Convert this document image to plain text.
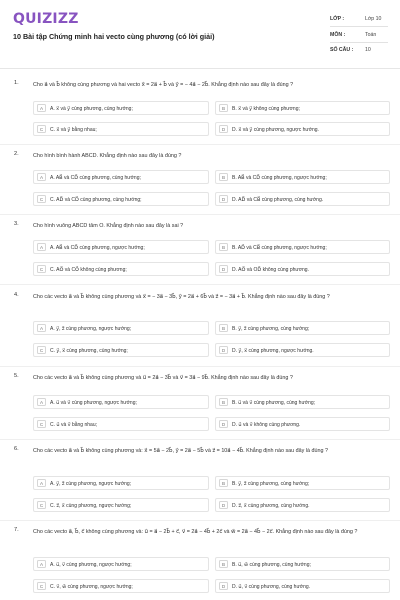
QUIZIZZ
10 Bài tập Chứng minh hai vecto cùng phương (có lời giải)
LỚP :	Lớp 10
MÔN :	Toán
SỐ CÂU : 10
1.	Cho a⃗ và b⃗ không cùng phương và hai vecto x⃗ = 2a⃗ + b⃗ và y⃗ = − 4a⃗ − 2b⃗. Khẳng định nào sau đây là đúng ?
A	A. x⃗ và y⃗ cùng phương, cùng hướng;	B	B. x⃗ và y⃗ không cùng phương;
C	C. x⃗ và y⃗ bằng nhau;	D	D. x⃗ và y⃗ cùng phương, ngược hướng.
2.	Cho hình bình hành ABCD. Khẳng định nào sau đây là đúng ?
A	A. AB⃗ và CD⃗ cùng phương, cùng hướng;	B	B. AB⃗ và CD⃗ cùng phương, ngược hướng;
C	C. AD⃗ và CD⃗ cùng phương, cùng hướng;	D	D. AD⃗ và CB⃗ cùng phương, cùng hướng.
3.	Cho hình vuông ABCD tâm O. Khẳng định nào sau đây là sai ?
A	A. AB⃗ và CD⃗ cùng phương, ngược hướng;	B	B. AD⃗ và CB⃗ cùng phương, ngược hướng;
C	C. AO⃗ và CO⃗ không cùng phương;	D	D. AO⃗ và OD⃗ không cùng phương.
4.	Cho các vecto a⃗ và b⃗ không cùng phương và x⃗ = − 3a⃗ − 3b⃗, y⃗ = 2a⃗ + 6b⃗ và z⃗ = − 3a⃗ + b⃗. Khẳng định nào sau đây là đúng ?
A	A. y⃗, z⃗ cùng phương, ngược hướng;	B	B. y⃗, z⃗ cùng phương, cùng hướng;
C	C. y⃗, x⃗ cùng phương, cùng hướng;	D	D. y⃗, x⃗ cùng phương, ngược hướng.
5.	Cho các vecto a⃗ và b⃗ không cùng phương và u⃗ = 2a⃗ − 3b⃗ và v⃗ = 3a⃗ − 9b⃗. Khẳng định nào sau đây là đúng ?
A	A. u⃗ và v⃗ cùng phương, ngược hướng;	B	B. u⃗ và v⃗ cùng phương, cùng hướng;
C	C. u⃗ và v⃗ bằng nhau;	D	D. u⃗ và v⃗ không cùng phương.
6.	Cho các vecto a⃗ và b⃗ không cùng phương và: x⃗ = 5a⃗ − 2b⃗, y⃗ = 2a⃗ − 5b⃗ và z⃗ = 10a⃗ − 4b⃗. Khẳng định nào sau đây là đúng ?
A	A. y⃗, z⃗ cùng phương, ngược hướng;	B	B. y⃗, z⃗ cùng phương, cùng hướng;
C	C. z⃗, x⃗ cùng phương, ngược hướng;	D	D. z⃗, x⃗ cùng phương, cùng hướng.
7.	Cho các vecto a⃗, b⃗, c⃗ không cùng phương và: u⃗ = a⃗ − 2b⃗ + c⃗, v⃗ = 2a⃗ − 4b⃗ + 2c⃗ và w⃗ = 2a⃗ − 4b⃗ − 2c⃗. Khẳng định nào sau đây là đúng ?
A	A. u⃗, v⃗ cùng phương, ngược hướng;	B	B. u⃗, w⃗ cùng phương, cùng hướng;
C	C. v⃗, w⃗ cùng phương, ngược hướng;	D	D. u⃗, v⃗ cùng phương, cùng hướng.
